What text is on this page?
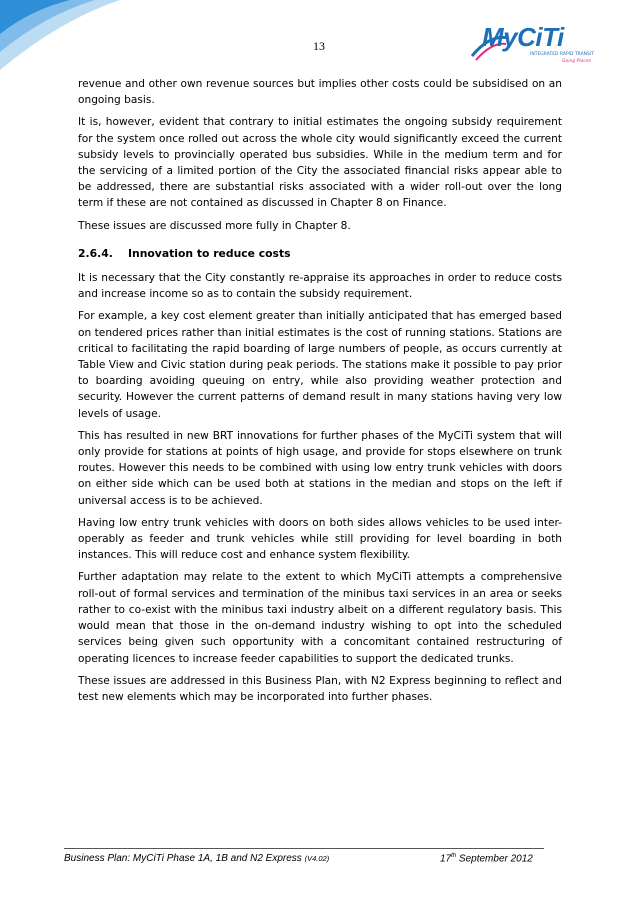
13	MyCiTi
INTEGRATED RAPID TRANSIT
Going Places

revenue and other own revenue sources but implies other costs could be subsidised on an ongoing basis.

It is, however, evident that contrary to initial estimates the ongoing subsidy requirement for the system once rolled out across the whole city would significantly exceed the current subsidy levels to provincially operated bus subsidies. While in the medium term and for the servicing of a limited portion of the City the associated financial risks appear able to be addressed, there are substantial risks associated with a wider roll-out over the long term if these are not contained as discussed in Chapter 8 on Finance.

These issues are discussed more fully in Chapter 8.

2.6.4. Innovation to reduce costs

It is necessary that the City constantly re-appraise its approaches in order to reduce costs and increase income so as to contain the subsidy requirement.

For example, a key cost element greater than initially anticipated that has emerged based on tendered prices rather than initial estimates is the cost of running stations. Stations are critical to facilitating the rapid boarding of large numbers of people, as occurs currently at Table View and Civic station during peak periods. The stations make it possible to pay prior to boarding avoiding queuing on entry, while also providing weather protection and security. However the current patterns of demand result in many stations having very low levels of usage.

This has resulted in new BRT innovations for further phases of the MyCiTi system that will only provide for stations at points of high usage, and provide for stops elsewhere on trunk routes. However this needs to be combined with using low entry trunk vehicles with doors on either side which can be used both at stations in the median and stops on the left if universal access is to be achieved.

Having low entry trunk vehicles with doors on both sides allows vehicles to be used inter-operably as feeder and trunk vehicles while still providing for level boarding in both instances. This will reduce cost and enhance system flexibility.

Further adaptation may relate to the extent to which MyCiTi attempts a comprehensive roll-out of formal services and termination of the minibus taxi services in an area or seeks rather to co-exist with the minibus taxi industry albeit on a different regulatory basis. This would mean that those in the on-demand industry wishing to opt into the scheduled services being given such opportunity with a concomitant contained restructuring of operating licences to increase feeder capabilities to support the dedicated trunks.

These issues are addressed in this Business Plan, with N2 Express beginning to reflect and test new elements which may be incorporated into further phases.

Business Plan: MyCiTi Phase 1A, 1B and N2 Express (V4.02)	17th September 2012
